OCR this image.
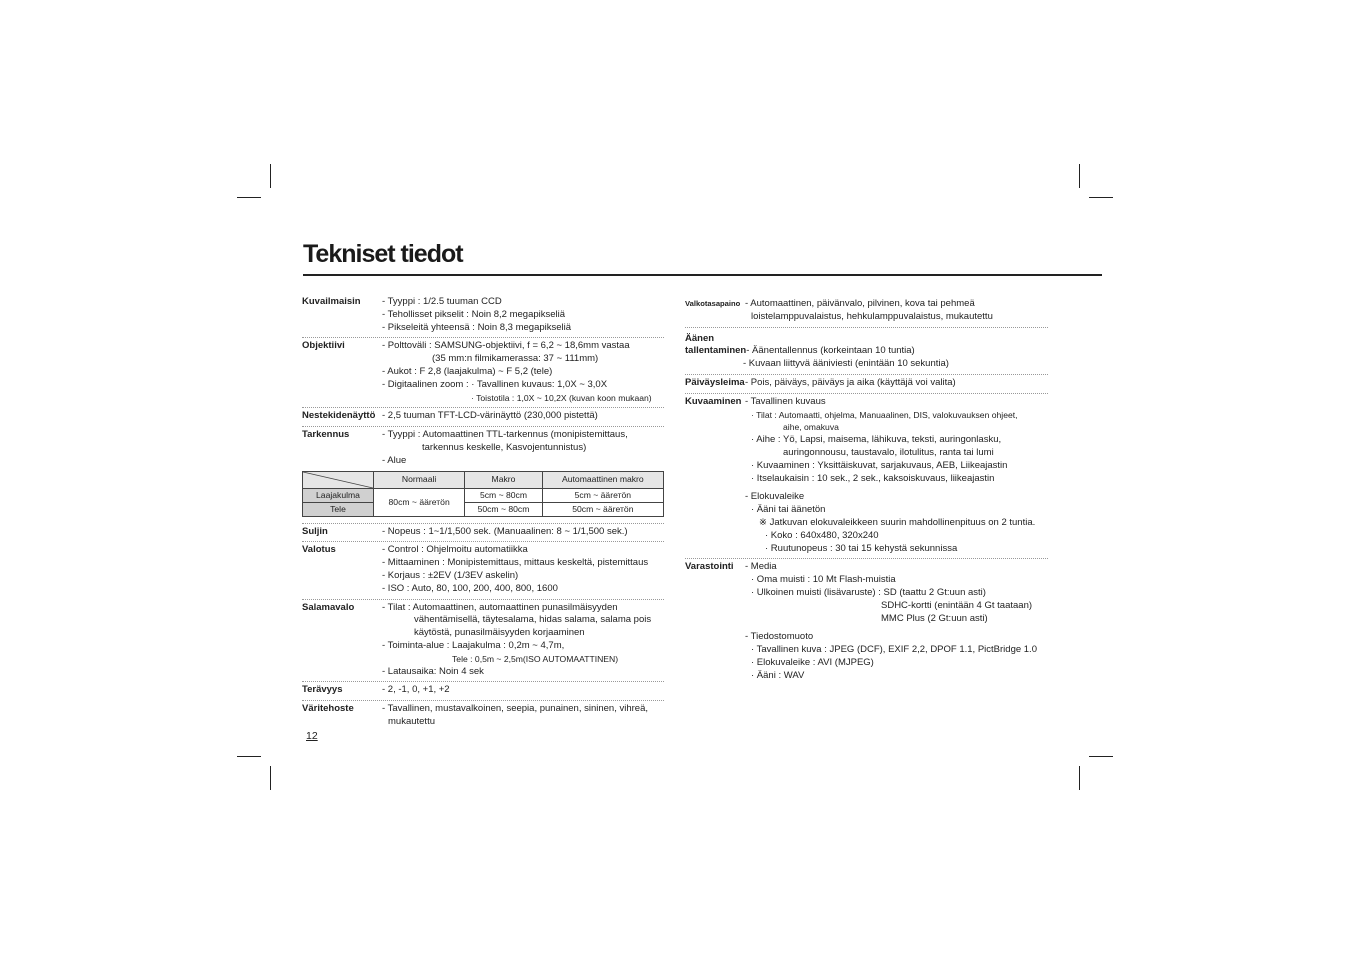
Tekniset tiedot
Kuvailmaisin	- Tyyppi : 1/2.5 tuuman CCD
- Tehollisset pikselit : Noin 8,2 megapikseliä
- Pikseleitä yhteensä : Noin 8,3 megapikseliä
Objektiivi	- Polttoväli : SAMSUNG-objektiivi, f = 6,2 ~ 18,6mm vastaa
(35 mm:n filmikamerassa: 37 ~ 111mm)
- Aukot : F 2,8 (laajakulma) ~ F 5,2 (tele)
- Digitaalinen zoom : · Tavallinen kuvaus: 1,0X ~ 3,0X
· Toistotila : 1,0X ~ 10,2X (kuvan koon mukaan)
Nestekidenäyttö - 2,5 tuuman TFT-LCD-värinäyttö (230,000 pistettä)
Tarkennus	- Tyyppi : Automaattinen TTL-tarkennus (monipistemittaus,
tarkennus keskelle, Kasvojentunnistus)
- Alue
	Normaali	Makro	Automaattinen makro
Laajakulma	80cm ~ äärетön	5cm ~ 80cm	5cm ~ äärетön
Tele		50cm ~ 80cm	50cm ~ äärетön
Suljin	- Nopeus : 1~1/1,500 sek. (Manuaalinen: 8 ~ 1/1,500 sek.)
Valotus	- Control : Ohjelmoitu automatiikka
- Mittaaminen : Monipistemittaus, mittaus keskeltä, pistemittaus
- Korjaus : ±2EV (1/3EV askelin)
- ISO : Auto, 80, 100, 200, 400, 800, 1600
Salamavalo	- Tilat : Automaattinen, automaattinen punasilmäisyyden
vähentämisellä, täytesalama, hidas salama, salama pois
käytöstä, punasilmäisyyden korjaaminen
- Toiminta-alue : Laajakulma : 0,2m ~ 4,7m,
Tele : 0,5m ~ 2,5m(ISO AUTOMAATTINEN)
- Latausaika: Noin 4 sek
Terävyys	- 2, -1, 0, +1, +2
Väritehoste	- Tavallinen, mustavalkoinen, seepia, punainen, sininen, vihreä,
mukautettu
Valkotasapaino - Automaattinen, päivänvalo, pilvinen, kova tai pehmeä
loistelamppuvalaistus, hehkulamppuvalaistus, mukautettu
Äänen
tallentaminen - Äänentallennus (korkeintaan 10 tuntia)
- Kuvaan liittyvä ääniviesti (enintään 10 sekuntia)
Päiväysleima - Pois, päiväys, päiväys ja aika (käyttäjä voi valita)
Kuvaaminen - Tavallinen kuvaus
· Tilat : Automaatti, ohjelma, Manuaalinen, DIS, valokuvauksen ohjeet,
aihe, omakuva
· Aihe : Yö, Lapsi, maisema, lähikuva, teksti, auringonlasku,
auringonnousu, taustavalo, ilotulitus, ranta tai lumi
· Kuvaaminen : Yksittäiskuvat, sarjakuvaus, AEB, Liikeajastin
· Itselaukaisin : 10 sek., 2 sek., kaksoiskuvaus, liikeajastin
- Elokuvaleike
· Ääni tai äänetön
※ Jatkuvan elokuvaleikkeen suurin mahdollinenpituus on 2 tuntia.
· Koko : 640x480, 320x240
· Ruutunopeus : 30 tai 15 kehystä sekunnissa
Varastointi	- Media
· Oma muisti : 10 Mt Flash-muistia
· Ulkoinen muisti (lisävaruste) : SD (taattu 2 Gt:uun asti)
SDHC-kortti (enintään 4 Gt taataan)
MMC Plus (2 Gt:uun asti)
- Tiedostomuoto
· Tavallinen kuva : JPEG (DCF), EXIF 2,2, DPOF 1.1, PictBridge 1.0
· Elokuvaleike : AVI (MJPEG)
· Ääni : WAV
12
